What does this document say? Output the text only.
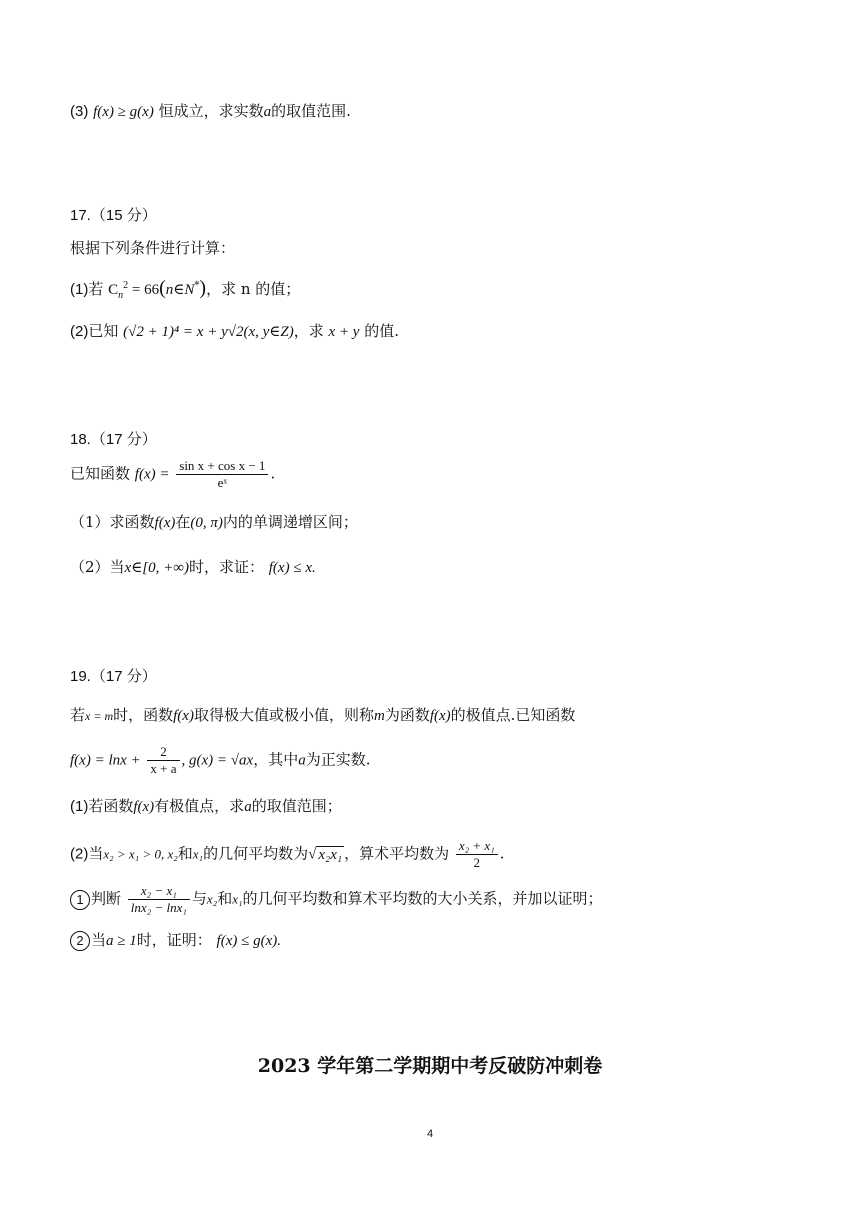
(3) f(x) ≥ g(x) 恒成立，求实数a的取值范围.
17.（15 分）
根据下列条件进行计算：
(1)若 $C_n^2$ = 66(n∈N*)，求 n 的值；
(2)已知 (√2 + 1)⁴ = x + y√2(x, y∈Z)，求 x + y 的值.
18.（17 分）
已知函数 $f(x) = \frac{\text{sin x + cos x − 1}}{\text{eˣ}}$ .
（1）求函数f(x)在(0, π)内的单调递增区间；
（2）当x∈[0, +∞)时，求证： f(x) ≤ x.
19.（17 分）
若x = m时，函数f(x)取得极大值或极小值，则称m为函数f(x)的极值点.已知函数
$f(x) = \ln x + \frac{2}{x + a}$ , g(x) = √ax，其中a为正实数.
(1)若函数f(x)有极值点，求a的取值范围；
(2)当x₂ > x₁ > 0, x₂和x₁的几何平均数为√ x₂x₁ ，算术平均数为 $\frac{\text{x₂ + x₁}}{2}$ .
1 判断 $\frac{\text{x₂ − x₁}}{\text{lnx₂ − lnx₁}}$ 与x₂和x₁的几何平均数和算术平均数的大小关系，并加以证明；
2 当a ≥ 1时，证明： f(x) ≤ g(x).
2023 学年第二学期期中考反破防冲刺卷
4
